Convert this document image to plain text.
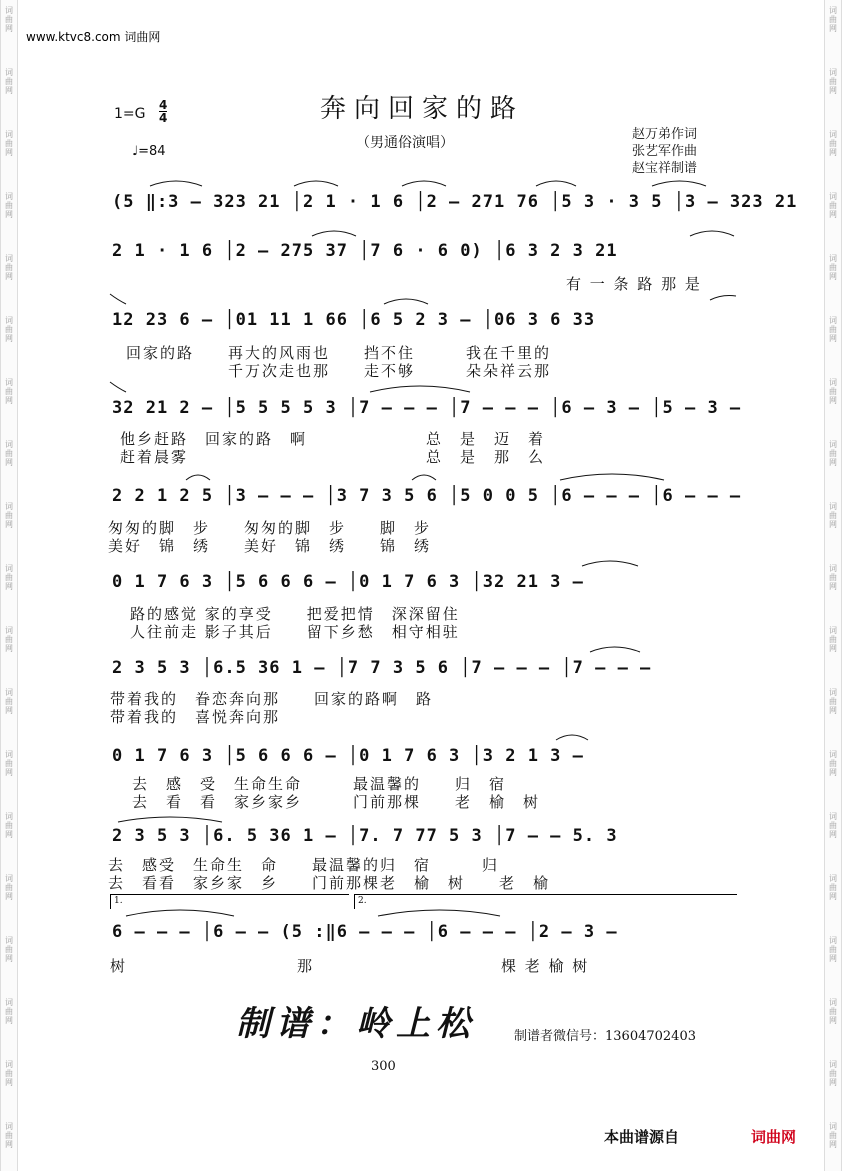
词曲网
词曲网
词曲网
词曲网
词曲网
词曲网
词曲网
词曲网
词曲网
词曲网
词曲网
词曲网
词曲网
词曲网
词曲网
词曲网
词曲网
词曲网
词曲网
词曲网
词曲网
词曲网
词曲网
词曲网
词曲网
词曲网
词曲网
词曲网
词曲网
词曲网
词曲网
词曲网
词曲网
词曲网
词曲网
词曲网
词曲网
词曲网
www.ktvc8.com 词曲网
奔向回家的路
（男通俗演唱）
1=G
4
4
♩=84
赵万弟作词
张艺军作曲
赵宝祥制谱
(5 ‖:3 – 323 21 │2 1 · 1 6 │2 – 271 76 │5 3 · 3 5 │3 – 323 21
2 1 · 1 6 │2 – 275 37 │7 6 · 6 0) │6 3 2 3 21
有 一 条 路 那 是
12 23 6 – │01 11 1 66 │6 5 2 3 – │06 3 6 33
回家的路　　再大的风雨也　　挡不住　　　我在千里的
　　　　　　千万次走也那　　走不够　　　朵朵祥云那
32 21 2 – │5 5 5 5 3 │7 – – – │7 – – – │6 – 3 – │5 – 3 –
他乡赶路　回家的路　啊　　　　　　　总　是　迈　着
赶着晨雾　　　　　　　　　　　　　　总　是　那　么
2 2 1 2 5 │3 – – – │3 7 3 5 6 │5 0 0 5 │6 – – – │6 – – –
匆匆的脚　步　　匆匆的脚　步　　脚　步
美好　锦　绣　　美好　锦　绣　　锦　绣
0 1 7 6 3 │5 6 6 6 – │0 1 7 6 3 │32 21 3 –
路的感觉 家的享受　　把爱把情　深深留住
人往前走 影子其后　　留下乡愁　相守相驻
2 3 5 3 │6.5 36 1 – │7 7 3 5 6 │7 – – – │7 – – –
带着我的　眷恋奔向那　　回家的路啊　路
带着我的　喜悦奔向那
0 1 7 6 3 │5 6 6 6 – │0 1 7 6 3 │3 2 1 3 –
去　感　受　生命生命　　　最温馨的　　归　宿
去　看　看　家乡家乡　　　门前那棵　　老　榆　树
2 3 5 3 │6. 5 36 1 – │7. 7 77 5 3 │7 – – 5. 3
去　感受　生命生　命　　最温馨的归　宿　　　归
去　看看　家乡家　乡　　门前那棵老　榆　树　　老　榆
1.	2.
6 – – – │6 – – (5 :‖6 – – – │6 – – – │2 – 3 –
树　　　　　　　　　　那　　　　　　　　　　　棵 老 榆 树
制谱：岭上松	制谱者微信号：13604702403
300
本曲谱源自	词曲网
